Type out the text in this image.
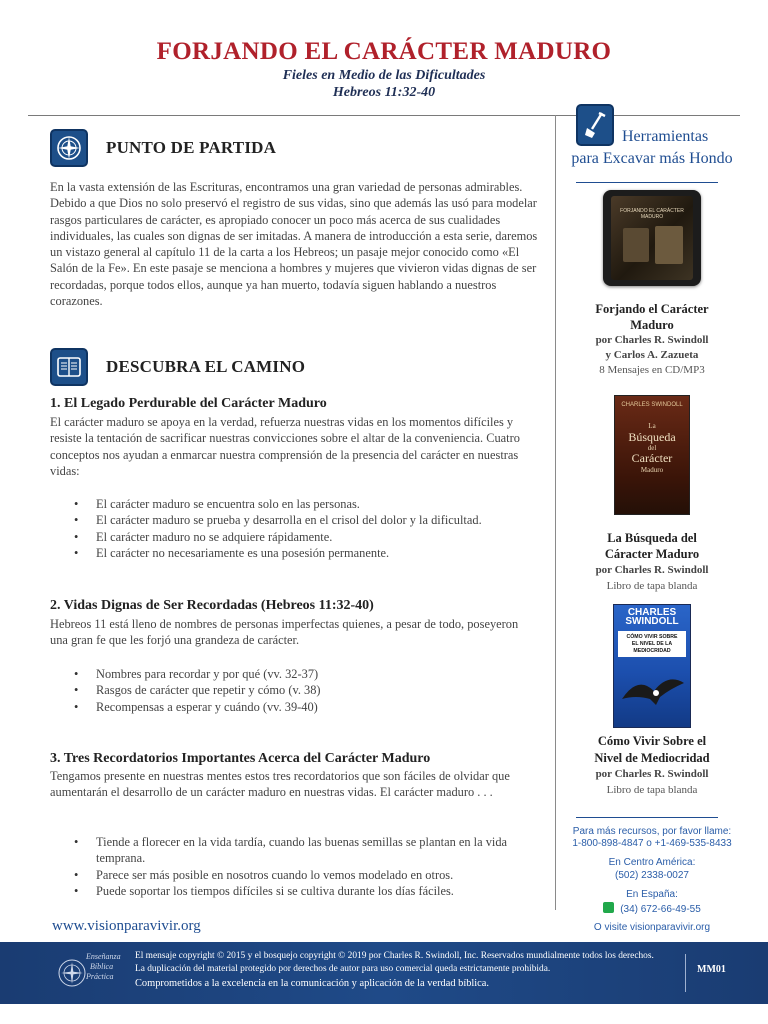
FORJANDO EL CARÁCTER MADURO
Fieles en Medio de las Dificultades
Hebreos 11:32-40
PUNTO DE PARTIDA
En la vasta extensión de las Escrituras, encontramos una gran variedad de personas admirables. Debido a que Dios no solo preservó el registro de sus vidas, sino que además las usó para modelar rasgos particulares de carácter, es apropiado conocer un poco más acerca de sus cualidades individuales, las cuales son dignas de ser imitadas. A manera de introducción a esta serie, daremos un vistazo general al capítulo 11 de la carta a los Hebreos; un pasaje mejor conocido como «El Salón de la Fe». En este pasaje se menciona a hombres y mujeres que vivieron vidas dignas de ser recordadas, porque todos ellos, aunque ya han muerto, todavía siguen hablando a nuestros corazones.
DESCUBRA EL CAMINO
1. El Legado Perdurable del Carácter Maduro
El carácter maduro se apoya en la verdad, refuerza nuestras vidas en los momentos difíciles y resiste la tentación de sacrificar nuestras convicciones sobre el altar de la conveniencia. Cuatro conceptos nos ayudan a enmarcar nuestra comprensión de la presencia del carácter en nuestras vidas:
• El carácter maduro se encuentra solo en las personas.
• El carácter maduro se prueba y desarrolla en el crisol del dolor y la dificultad.
• El carácter maduro no se adquiere rápidamente.
• El carácter no necesariamente es una posesión permanente.
2. Vidas Dignas de Ser Recordadas (Hebreos 11:32-40)
Hebreos 11 está lleno de nombres de personas imperfectas quienes, a pesar de todo, poseyeron una gran fe que les forjó una grandeza de carácter.
• Nombres para recordar y por qué (vv. 32-37)
• Rasgos de carácter que repetir y cómo (v. 38)
• Recompensas a esperar y cuándo (vv. 39-40)
3. Tres Recordatorios Importantes Acerca del Carácter Maduro
Tengamos presente en nuestras mentes estos tres recordatorios que son fáciles de olvidar que aumentarán el desarrollo de un carácter maduro en nuestras vidas. El carácter maduro . . .
• Tiende a florecer en la vida tardía, cuando las buenas semillas se plantan en la vida temprana.
• Parece ser más posible en nosotros cuando lo vemos modelado en otros.
• Puede soportar los tiempos difíciles si se cultiva durante los días fáciles.
www.visionparavivir.org
Herramientas
para Excavar más Hondo
FORJANDO EL CARÁCTER MADURO
Forjando el Carácter
Maduro
por Charles R. Swindoll
y Carlos A. Zazueta
8 Mensajes en CD/MP3
CHARLES SWINDOLL
La
Búsqueda
del
Carácter
Maduro
La Búsqueda del
Cáracter Maduro
por Charles R. Swindoll
Libro de tapa blanda
CHARLES
SWINDOLL
CÓMO VIVIR SOBRE
EL NIVEL DE LA
MEDIOCRIDAD
Cómo Vivir Sobre el
Nivel de Mediocridad
por Charles R. Swindoll
Libro de tapa blanda
Para más recursos, por favor llame:
1-800-898-4847 o +1-469-535-8433
En Centro América:
(502) 2338-0027
En España:
(34) 672-66-49-55
O visite visionparavivir.org
Enseñanza
Bíblica
Práctica
El mensaje copyright © 2015 y el bosquejo copyright © 2019 por Charles R. Swindoll, Inc. Reservados mundialmente todos los derechos.
La duplicación del material protegido por derechos de autor para uso comercial queda estrictamente prohibida.
Comprometidos a la excelencia en la comunicación y aplicación de la verdad bíblica.
MM01
